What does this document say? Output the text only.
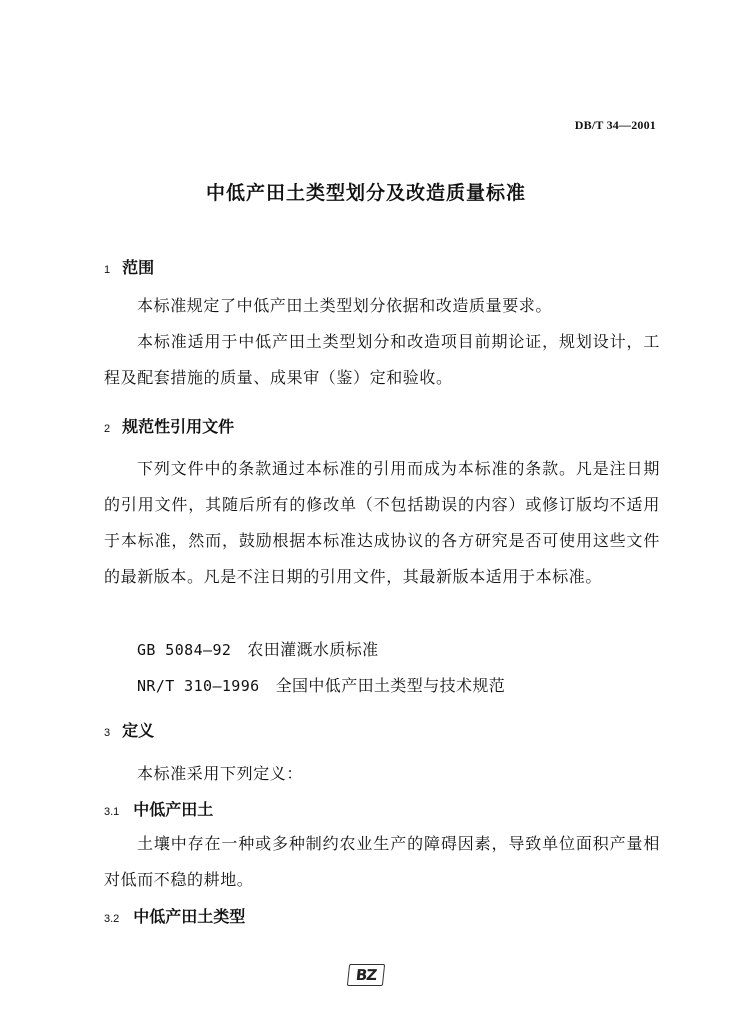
DB/T 34—2001
中低产田土类型划分及改造质量标准
1 范围
本标准规定了中低产田土类型划分依据和改造质量要求。
本标准适用于中低产田土类型划分和改造项目前期论证，规划设计，工程及配套措施的质量、成果审（鉴）定和验收。
2 规范性引用文件
下列文件中的条款通过本标准的引用而成为本标准的条款。凡是注日期的引用文件，其随后所有的修改单（不包括勘误的内容）或修订版均不适用于本标准，然而，鼓励根据本标准达成协议的各方研究是否可使用这些文件的最新版本。凡是不注日期的引用文件，其最新版本适用于本标准。
GB 5084—92 农田灌溉水质标准
NR/T 310—1996 全国中低产田土类型与技术规范
3 定义
本标准采用下列定义：
3.1 中低产田土
土壤中存在一种或多种制约农业生产的障碍因素，导致单位面积产量相对低而不稳的耕地。
3.2 中低产田土类型
BZ
